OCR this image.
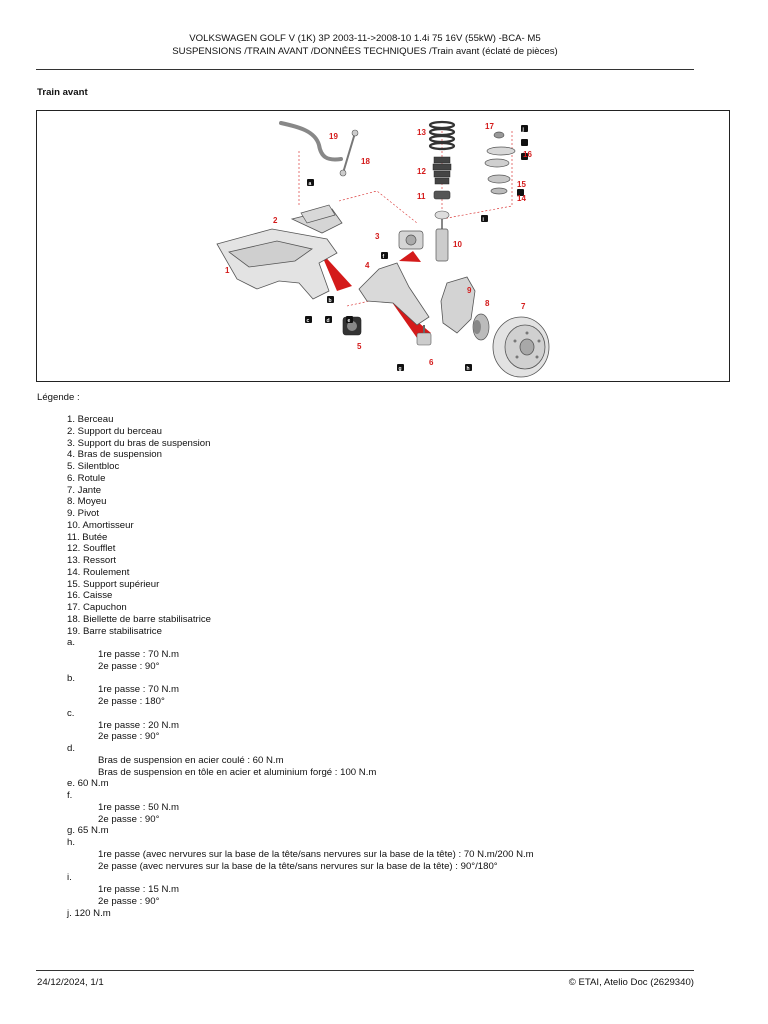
VOLKSWAGEN GOLF V (1K) 3P 2003-11->2008-10 1.4i 75 16V (55kW) -BCA- M5
SUSPENSIONS /TRAIN AVANT /DONNÉES TECHNIQUES /Train avant (éclaté de pièces)
Train avant
a
b
c	d	e
f
g	h
i
j
1
2
3
4
5
6
7
8
9
10
11
12
13
14
15
16
17
18
19
Légende :
1. Berceau
2. Support du berceau
3. Support du bras de suspension
4. Bras de suspension
5. Silentbloc
6. Rotule
7. Jante
8. Moyeu
9. Pivot
10. Amortisseur
11. Butée
12. Soufflet
13. Ressort
14. Roulement
15. Support supérieur
16. Caisse
17. Capuchon
18. Biellette de barre stabilisatrice
19. Barre stabilisatrice
a.
1re passe : 70 N.m
2e passe : 90°
b.
1re passe : 70 N.m
2e passe : 180°
c.
1re passe : 20 N.m
2e passe : 90°
d.
Bras de suspension en acier coulé : 60 N.m
Bras de suspension en tôle en acier et aluminium forgé : 100 N.m
e. 60 N.m
f.
1re passe : 50 N.m
2e passe : 90°
g. 65 N.m
h.
1re passe (avec nervures sur la base de la tête/sans nervures sur la base de la tête) : 70 N.m/200 N.m
2e passe (avec nervures sur la base de la tête/sans nervures sur la base de la tête) : 90°/180°
i.
1re passe : 15 N.m
2e passe : 90°
j. 120 N.m
24/12/2024, 1/1	© ETAI, Atelio Doc (2629340)
